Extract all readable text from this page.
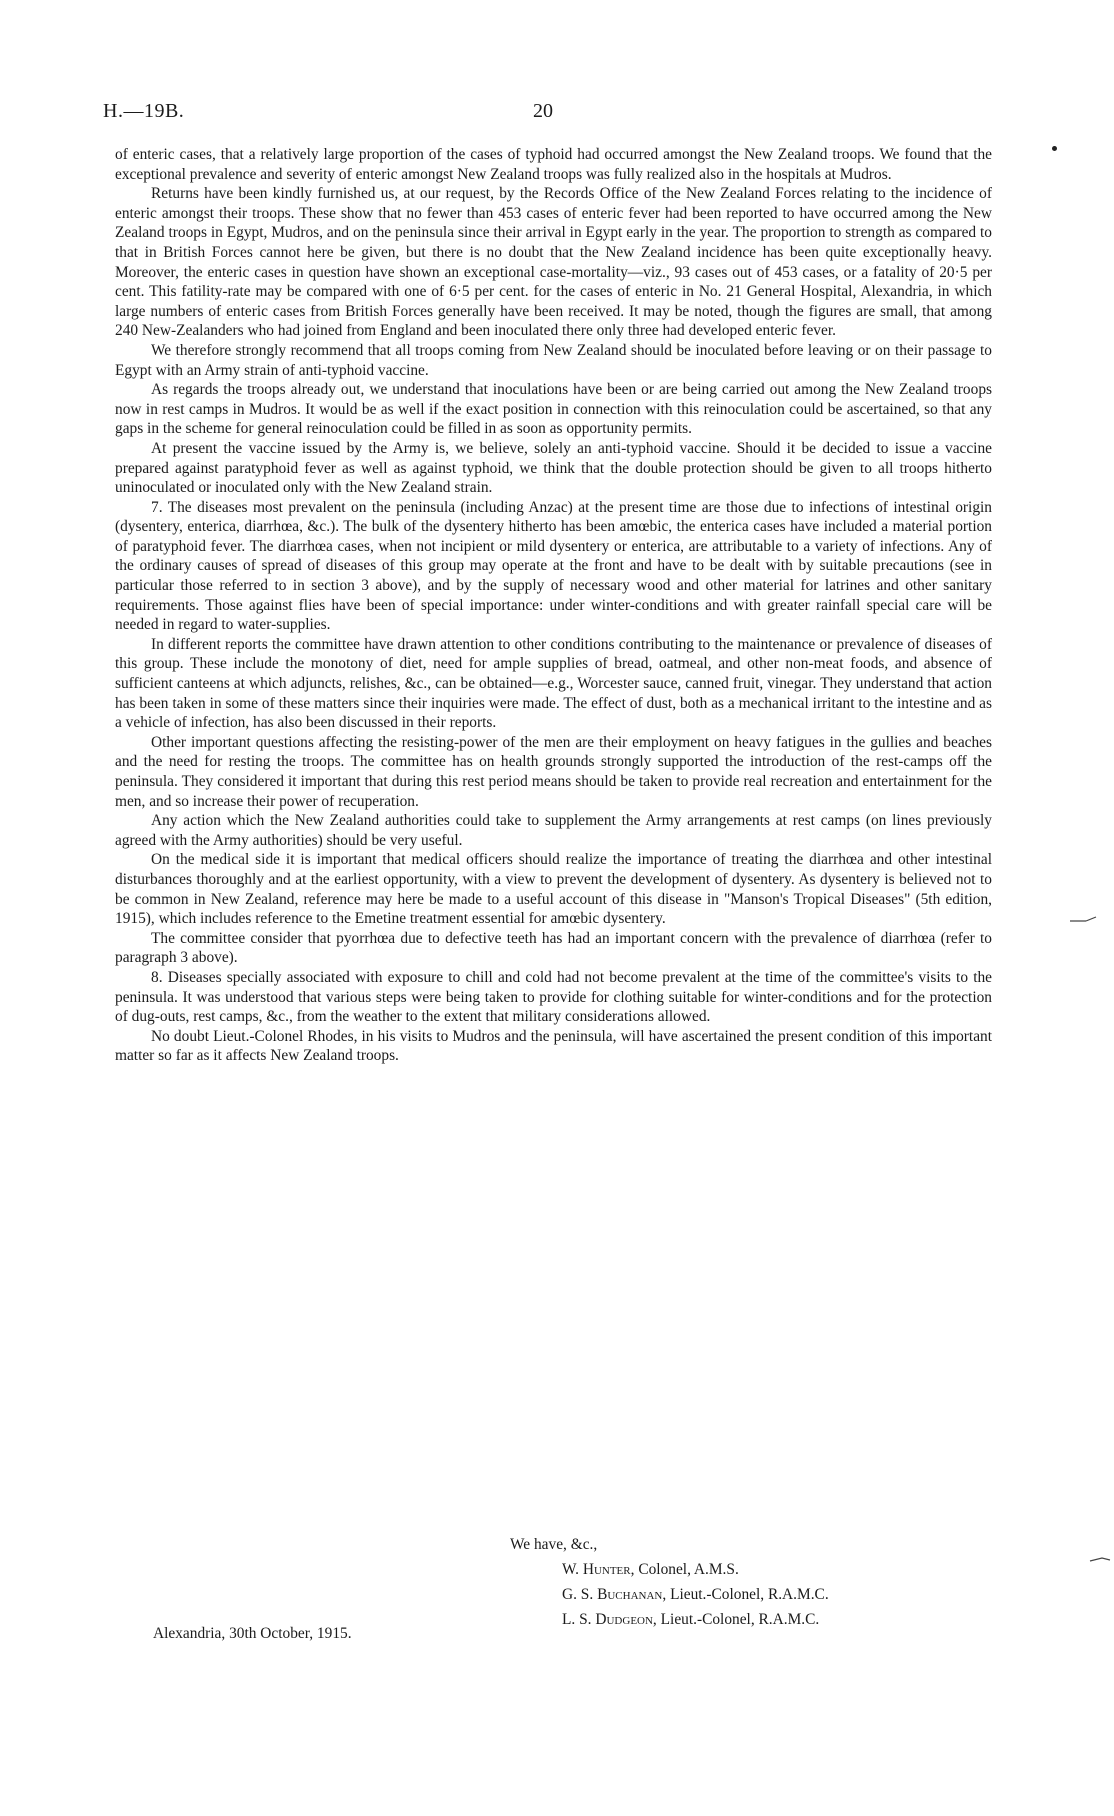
H.—19B.	20

of enteric cases, that a relatively large proportion of the cases of typhoid had occurred amongst the New Zealand troops. We found that the exceptional prevalence and severity of enteric amongst New Zealand troops was fully realized also in the hospitals at Mudros.

Returns have been kindly furnished us, at our request, by the Records Office of the New Zealand Forces relating to the incidence of enteric amongst their troops. These show that no fewer than 453 cases of enteric fever had been reported to have occurred among the New Zealand troops in Egypt, Mudros, and on the peninsula since their arrival in Egypt early in the year. The proportion to strength as compared to that in British Forces cannot here be given, but there is no doubt that the New Zealand incidence has been quite exceptionally heavy. Moreover, the enteric cases in question have shown an exceptional case-mortality—viz., 93 cases out of 453 cases, or a fatality of 20·5 per cent. This fatility-rate may be compared with one of 6·5 per cent. for the cases of enteric in No. 21 General Hospital, Alexandria, in which large numbers of enteric cases from British Forces generally have been received. It may be noted, though the figures are small, that among 240 New-Zealanders who had joined from England and been inoculated there only three had developed enteric fever.

We therefore strongly recommend that all troops coming from New Zealand should be inoculated before leaving or on their passage to Egypt with an Army strain of anti-typhoid vaccine.

As regards the troops already out, we understand that inoculations have been or are being carried out among the New Zealand troops now in rest camps in Mudros. It would be as well if the exact position in connection with this reinoculation could be ascertained, so that any gaps in the scheme for general reinoculation could be filled in as soon as opportunity permits.

At present the vaccine issued by the Army is, we believe, solely an anti-typhoid vaccine. Should it be decided to issue a vaccine prepared against paratyphoid fever as well as against typhoid, we think that the double protection should be given to all troops hitherto uninoculated or inoculated only with the New Zealand strain.

7. The diseases most prevalent on the peninsula (including Anzac) at the present time are those due to infections of intestinal origin (dysentery, enterica, diarrhœa, &c.). The bulk of the dysentery hitherto has been amœbic, the enterica cases have included a material portion of paratyphoid fever. The diarrhœa cases, when not incipient or mild dysentery or enterica, are attributable to a variety of infections. Any of the ordinary causes of spread of diseases of this group may operate at the front and have to be dealt with by suitable precautions (see in particular those referred to in section 3 above), and by the supply of necessary wood and other material for latrines and other sanitary requirements. Those against flies have been of special importance: under winter-conditions and with greater rainfall special care will be needed in regard to water-supplies.

In different reports the committee have drawn attention to other conditions contributing to the maintenance or prevalence of diseases of this group. These include the monotony of diet, need for ample supplies of bread, oatmeal, and other non-meat foods, and absence of sufficient canteens at which adjuncts, relishes, &c., can be obtained—e.g., Worcester sauce, canned fruit, vinegar. They understand that action has been taken in some of these matters since their inquiries were made. The effect of dust, both as a mechanical irritant to the intestine and as a vehicle of infection, has also been discussed in their reports.

Other important questions affecting the resisting-power of the men are their employment on heavy fatigues in the gullies and beaches and the need for resting the troops. The committee has on health grounds strongly supported the introduction of the rest-camps off the peninsula. They considered it important that during this rest period means should be taken to provide real recreation and entertainment for the men, and so increase their power of recuperation.

Any action which the New Zealand authorities could take to supplement the Army arrangements at rest camps (on lines previously agreed with the Army authorities) should be very useful.

On the medical side it is important that medical officers should realize the importance of treating the diarrhœa and other intestinal disturbances thoroughly and at the earliest opportunity, with a view to prevent the development of dysentery. As dysentery is believed not to be common in New Zealand, reference may here be made to a useful account of this disease in "Manson's Tropical Diseases" (5th edition, 1915), which includes reference to the Emetine treatment essential for amœbic dysentery.

The committee consider that pyorrhœa due to defective teeth has had an important concern with the prevalence of diarrhœa (refer to paragraph 3 above).

8. Diseases specially associated with exposure to chill and cold had not become prevalent at the time of the committee's visits to the peninsula. It was understood that various steps were being taken to provide for clothing suitable for winter-conditions and for the protection of dug-outs, rest camps, &c., from the weather to the extent that military considerations allowed.

No doubt Lieut.-Colonel Rhodes, in his visits to Mudros and the peninsula, will have ascertained the present condition of this important matter so far as it affects New Zealand troops.

We have, &c.,
W. Hunter, Colonel, A.M.S.
G. S. Buchanan, Lieut.-Colonel, R.A.M.C.
L. S. Dudgeon, Lieut.-Colonel, R.A.M.C.
Alexandria, 30th October, 1915.
